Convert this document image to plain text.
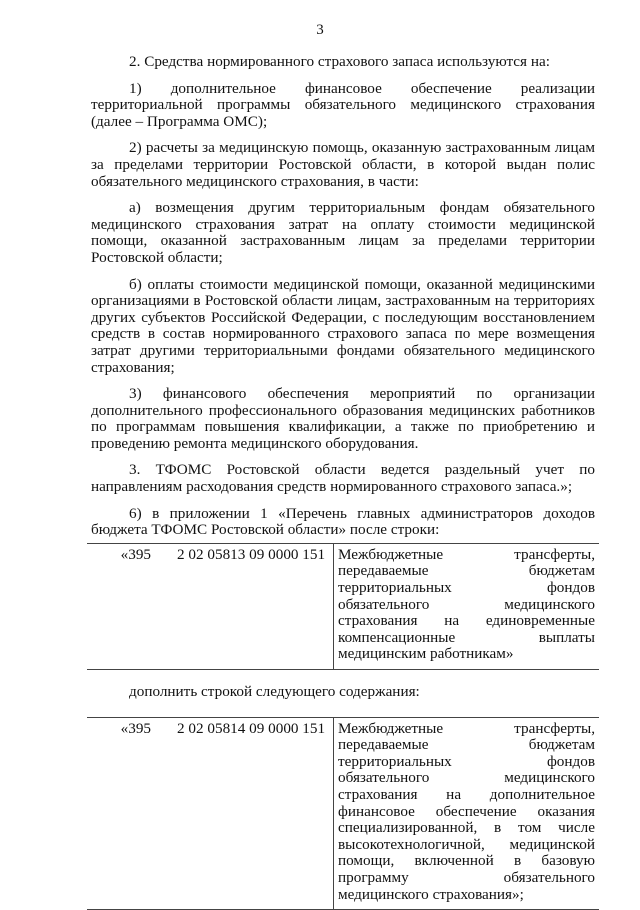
3

2. Средства нормированного страхового запаса используются на:

1) дополнительное финансовое обеспечение реализации территориальной программы обязательного медицинского страхования (далее – Программа ОМС);

2) расчеты за медицинскую помощь, оказанную застрахованным лицам за пределами территории Ростовской области, в которой выдан полис обязательного медицинского страхования, в части:

а) возмещения другим территориальным фондам обязательного медицинского страхования затрат на оплату стоимости медицинской помощи, оказанной застрахованным лицам за пределами территории Ростовской области;

б) оплаты стоимости медицинской помощи, оказанной медицинскими организациями в Ростовской области лицам, застрахованным на территориях других субъектов Российской Федерации, с последующим восстановлением средств в состав нормированного страхового запаса по мере возмещения затрат другими территориальными фондами обязательного медицинского страхования;

3) финансового обеспечения мероприятий по организации дополнительного профессионального образования медицинских работников по программам повышения квалификации, а также по приобретению и проведению ремонта медицинского оборудования.

3. ТФОМС Ростовской области ведется раздельный учет по направлениям расходования средств нормированного страхового запаса.»;

6) в приложении 1 «Перечень главных администраторов доходов бюджета ТФОМС Ростовской области» после строки:

«395	2 02 05813 09 0000 151	Межбюджетные трансферты, передаваемые бюджетам территориальных фондов обязательного медицинского страхования на единовременные компенсационные выплаты медицинским работникам»

дополнить строкой следующего содержания:

«395	2 02 05814 09 0000 151	Межбюджетные трансферты, передаваемые бюджетам территориальных фондов обязательного медицинского страхования на дополнительное финансовое обеспечение оказания специализированной, в том числе высокотехнологичной, медицинской помощи, включенной в базовую программу обязательного медицинского страхования»;
